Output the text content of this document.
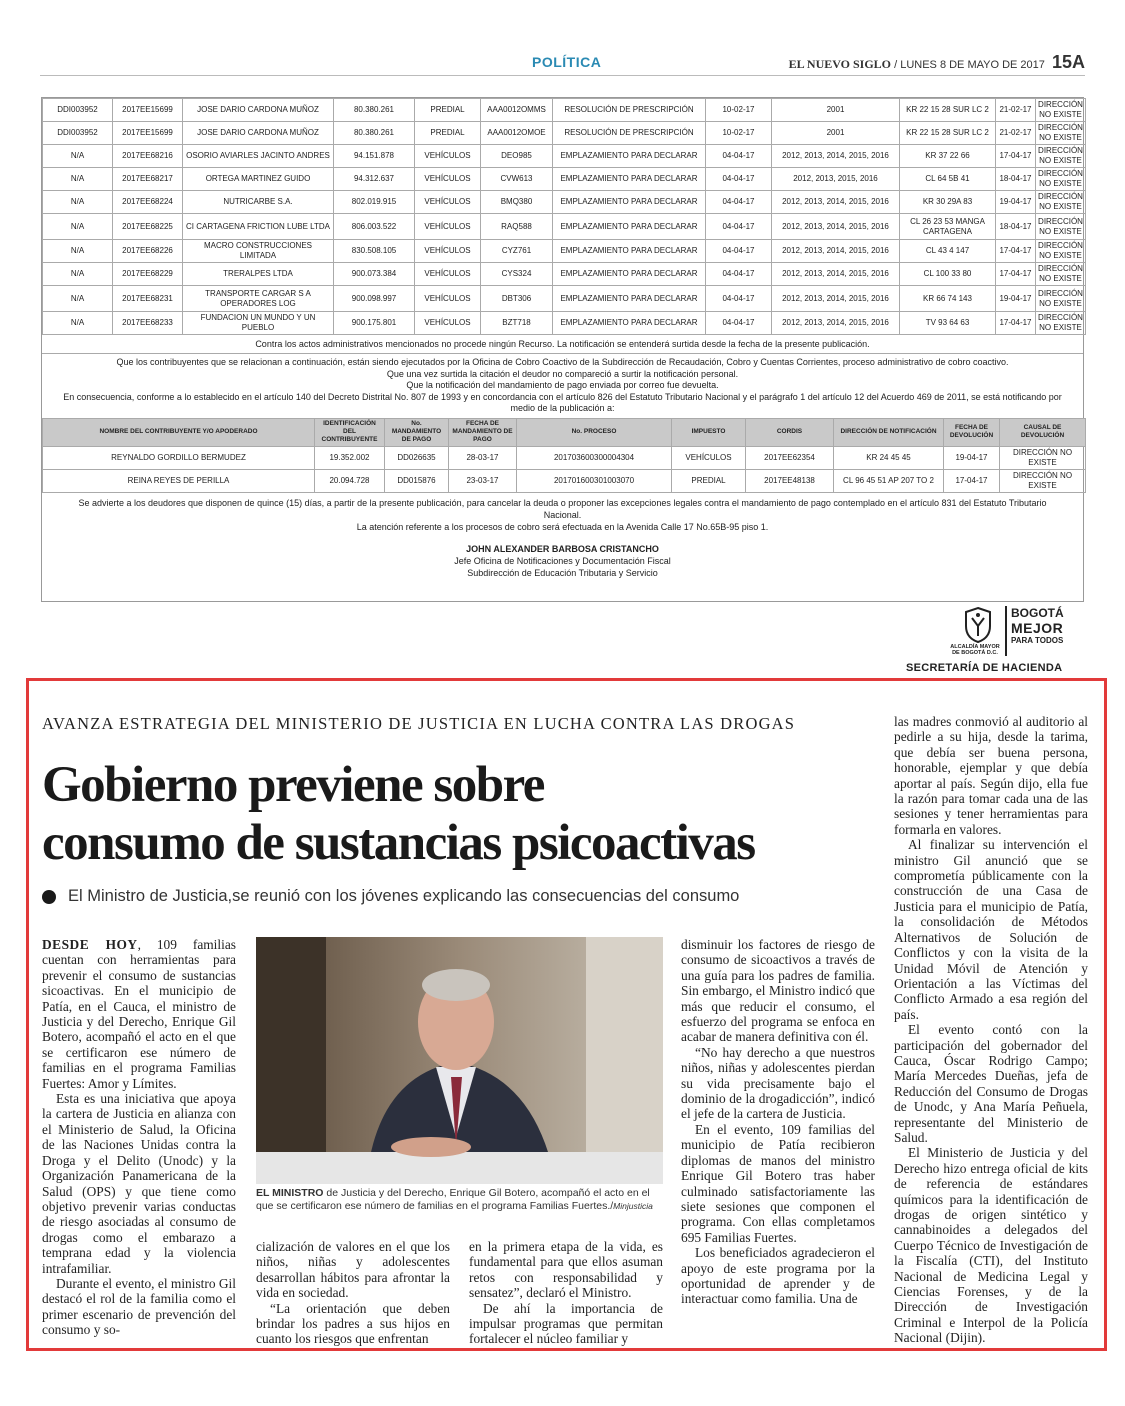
POLÍTICA	EL NUEVO SIGLO / LUNES 8 DE MAYO DE 2017 15A
DDI003952	2017EE15699	JOSE DARIO CARDONA MUÑOZ	80.380.261	PREDIAL	AAA0012OMMS	RESOLUCIÓN DE PRESCRIPCIÓN	10-02-17	2001	KR 22 15 28 SUR LC 2	21-02-17	DIRECCIÓN NO EXISTE
DDI003952	2017EE15699	JOSE DARIO CARDONA MUÑOZ	80.380.261	PREDIAL	AAA0012OMOE	RESOLUCIÓN DE PRESCRIPCIÓN	10-02-17	2001	KR 22 15 28 SUR LC 2	21-02-17	DIRECCIÓN NO EXISTE
N/A	2017EE68216	OSORIO AVIARLES JACINTO ANDRES	94.151.878	VEHÍCULOS	DEO985	EMPLAZAMIENTO PARA DECLARAR	04-04-17	2012, 2013, 2014, 2015, 2016	KR 37 22 66	17-04-17	DIRECCIÓN NO EXISTE
N/A	2017EE68217	ORTEGA MARTINEZ GUIDO	94.312.637	VEHÍCULOS	CVW613	EMPLAZAMIENTO PARA DECLARAR	04-04-17	2012, 2013, 2015, 2016	CL 64 5B 41	18-04-17	DIRECCIÓN NO EXISTE
N/A	2017EE68224	NUTRICARBE S.A.	802.019.915	VEHÍCULOS	BMQ380	EMPLAZAMIENTO PARA DECLARAR	04-04-17	2012, 2013, 2014, 2015, 2016	KR 30 29A 83	19-04-17	DIRECCIÓN NO EXISTE
N/A	2017EE68225	CI CARTAGENA FRICTION LUBE LTDA	806.003.522	VEHÍCULOS	RAQ588	EMPLAZAMIENTO PARA DECLARAR	04-04-17	2012, 2013, 2014, 2015, 2016	CL 26 23 53 MANGA CARTAGENA	18-04-17	DIRECCIÓN NO EXISTE
N/A	2017EE68226	MACRO CONSTRUCCIONES LIMITADA	830.508.105	VEHÍCULOS	CYZ761	EMPLAZAMIENTO PARA DECLARAR	04-04-17	2012, 2013, 2014, 2015, 2016	CL 43 4 147	17-04-17	DIRECCIÓN NO EXISTE
N/A	2017EE68229	TRERALPES LTDA	900.073.384	VEHÍCULOS	CYS324	EMPLAZAMIENTO PARA DECLARAR	04-04-17	2012, 2013, 2014, 2015, 2016	CL 100 33 80	17-04-17	DIRECCIÓN NO EXISTE
N/A	2017EE68231	TRANSPORTE CARGAR S A OPERADORES LOG	900.098.997	VEHÍCULOS	DBT306	EMPLAZAMIENTO PARA DECLARAR	04-04-17	2012, 2013, 2014, 2015, 2016	KR 66 74 143	19-04-17	DIRECCIÓN NO EXISTE
N/A	2017EE68233	FUNDACION UN MUNDO Y UN PUEBLO	900.175.801	VEHÍCULOS	BZT718	EMPLAZAMIENTO PARA DECLARAR	04-04-17	2012, 2013, 2014, 2015, 2016	TV 93 64 63	17-04-17	DIRECCIÓN NO EXISTE
Contra los actos administrativos mencionados no procede ningún Recurso. La notificación se entenderá surtida desde la fecha de la presente publicación.
Que los contribuyentes que se relacionan a continuación, están siendo ejecutados por la Oficina de Cobro Coactivo de la Subdirección de Recaudación, Cobro y Cuentas Corrientes, proceso administrativo de cobro coactivo.
Que una vez surtida la citación el deudor no compareció a surtir la notificación personal.
Que la notificación del mandamiento de pago enviada por correo fue devuelta.
En consecuencia, conforme a lo establecido en el artículo 140 del Decreto Distrital No. 807 de 1993 y en concordancia con el artículo 826 del Estatuto Tributario Nacional y el parágrafo 1 del artículo 12 del Acuerdo 469 de 2011, se está notificando por medio de la publicación a:
NOMBRE DEL CONTRIBUYENTE Y/O APODERADO	IDENTIFICACIÓN DEL CONTRIBUYENTE	No. MANDAMIENTO DE PAGO	FECHA DE MANDAMIENTO DE PAGO	No. PROCESO	IMPUESTO	CORDIS	DIRECCIÓN DE NOTIFICACIÓN	FECHA DE DEVOLUCIÓN	CAUSAL DE DEVOLUCIÓN
REYNALDO GORDILLO BERMUDEZ	19.352.002	DD026635	28-03-17	201703600300004304	VEHÍCULOS	2017EE62354	KR 24 45 45	19-04-17	DIRECCIÓN NO EXISTE
REINA REYES DE PERILLA	20.094.728	DD015876	23-03-17	201701600301003070	PREDIAL	2017EE48138	CL 96 45 51 AP 207 TO 2	17-04-17	DIRECCIÓN NO EXISTE
Se advierte a los deudores que disponen de quince (15) días, a partir de la presente publicación, para cancelar la deuda o proponer las excepciones legales contra el mandamiento de pago contemplado en el artículo 831 del Estatuto Tributario Nacional.
La atención referente a los procesos de cobro será efectuada en la Avenida Calle 17 No.65B-95 piso 1.
JOHN ALEXANDER BARBOSA CRISTANCHO
Jefe Oficina de Notificaciones y Documentación Fiscal
Subdirección de Educación Tributaria y Servicio
ALCALDÍA MAYOR
DE BOGOTÁ D.C.
BOGOTÁ
MEJOR
PARA TODOS
SECRETARÍA DE HACIENDA
AVANZA ESTRATEGIA DEL MINISTERIO DE JUSTICIA EN LUCHA CONTRA LAS DROGAS
Gobierno previene sobre
consumo de sustancias psicoactivas
El Ministro de Justicia,se reunió con los jóvenes explicando las consecuencias del consumo

DESDE HOY, 109 familias cuentan con herramientas para prevenir el consumo de sustancias sicoactivas. En el municipio de Patía, en el Cauca, el ministro de Justicia y del Derecho, Enrique Gil Botero, acompañó el acto en el que se certificaron ese número de familias en el programa Familias Fuertes: Amor y Límites.

Esta es una iniciativa que apoya la cartera de Justicia en alianza con el Ministerio de Salud, la Oficina de las Naciones Unidas contra la Droga y el Delito (Unodc) y la Organización Panamericana de la Salud (OPS) y que tiene como objetivo prevenir varias conductas de riesgo asociadas al consumo de drogas como el embarazo a temprana edad y la violencia intrafamiliar.

Durante el evento, el ministro Gil destacó el rol de la familia como el primer escenario de prevención del consumo y so-

EL MINISTRO de Justicia y del Derecho, Enrique Gil Botero, acompañó el acto en el que se certificaron ese número de familias en el programa Familias Fuertes./Minjusticia

cialización de valores en el que los niños, niñas y adolescentes desarrollan hábitos para afrontar la vida en sociedad.

“La orientación que deben brindar los padres a sus hijos en cuanto los riesgos que enfrentan

en la primera etapa de la vida, es fundamental para que ellos asuman retos con responsabilidad y sensatez”, declaró el Ministro.

De ahí la importancia de impulsar programas que permitan fortalecer el núcleo familiar y

disminuir los factores de riesgo de consumo de sicoactivos a través de una guía para los padres de familia. Sin embargo, el Ministro indicó que más que reducir el consumo, el esfuerzo del programa se enfoca en acabar de manera definitiva con él.

“No hay derecho a que nuestros niños, niñas y adolescentes pierdan su vida precisamente bajo el dominio de la drogadicción”, indicó el jefe de la cartera de Justicia.

En el evento, 109 familias del municipio de Patía recibieron diplomas de manos del ministro Enrique Gil Botero tras haber culminado satisfactoriamente las siete sesiones que componen el programa. Con ellas completamos 695 Familias Fuertes.

Los beneficiados agradecieron el apoyo de este programa por la oportunidad de aprender y de interactuar como familia. Una de

las madres conmovió al auditorio al pedirle a su hija, desde la tarima, que debía ser buena persona, honorable, ejemplar y que debía aportar al país. Según dijo, ella fue la razón para tomar cada una de las sesiones y tener herramientas para formarla en valores.

Al finalizar su intervención el ministro Gil anunció que se comprometía públicamente con la construcción de una Casa de Justicia para el municipio de Patía, la consolidación de Métodos Alternativos de Solución de Conflictos y con la visita de la Unidad Móvil de Atención y Orientación a las Víctimas del Conflicto Armado a esa región del país.

El evento contó con la participación del gobernador del Cauca, Óscar Rodrigo Campo; María Mercedes Dueñas, jefa de Reducción del Consumo de Drogas de Unodc, y Ana María Peñuela, representante del Ministerio de Salud.

El Ministerio de Justicia y del Derecho hizo entrega oficial de kits de referencia de estándares químicos para la identificación de drogas de origen sintético y cannabinoides a delegados del Cuerpo Técnico de Investigación de la Fiscalía (CTI), del Instituto Nacional de Medicina Legal y Ciencias Forenses, y de la Dirección de Investigación Criminal e Interpol de la Policía Nacional (Dijin).
